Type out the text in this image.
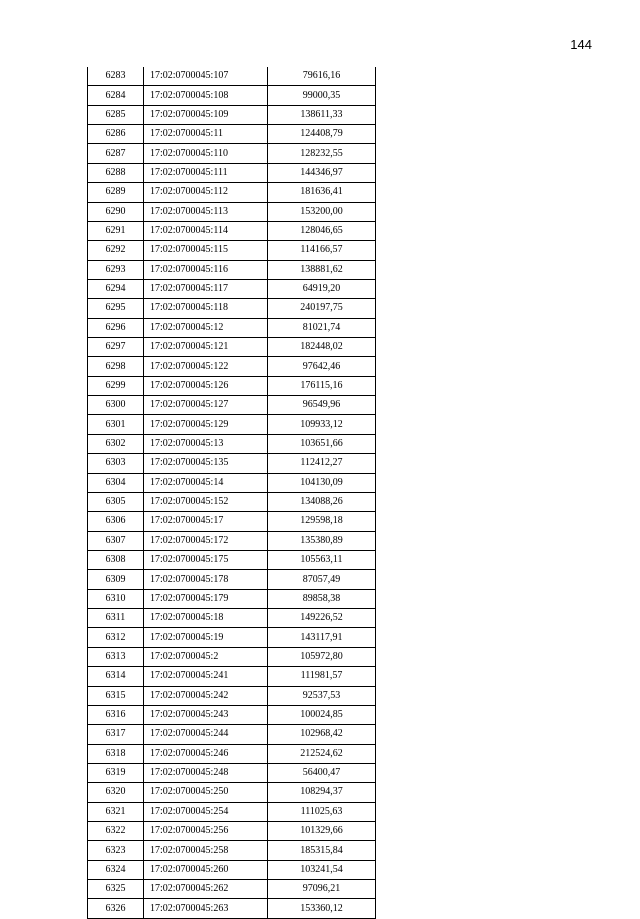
144
6283	17:02:0700045:107	79616,16
6284	17:02:0700045:108	99000,35
6285	17:02:0700045:109	138611,33
6286	17:02:0700045:11	124408,79
6287	17:02:0700045:110	128232,55
6288	17:02:0700045:111	144346,97
6289	17:02:0700045:112	181636,41
6290	17:02:0700045:113	153200,00
6291	17:02:0700045:114	128046,65
6292	17:02:0700045:115	114166,57
6293	17:02:0700045:116	138881,62
6294	17:02:0700045:117	64919,20
6295	17:02:0700045:118	240197,75
6296	17:02:0700045:12	81021,74
6297	17:02:0700045:121	182448,02
6298	17:02:0700045:122	97642,46
6299	17:02:0700045:126	176115,16
6300	17:02:0700045:127	96549,96
6301	17:02:0700045:129	109933,12
6302	17:02:0700045:13	103651,66
6303	17:02:0700045:135	112412,27
6304	17:02:0700045:14	104130,09
6305	17:02:0700045:152	134088,26
6306	17:02:0700045:17	129598,18
6307	17:02:0700045:172	135380,89
6308	17:02:0700045:175	105563,11
6309	17:02:0700045:178	87057,49
6310	17:02:0700045:179	89858,38
6311	17:02:0700045:18	149226,52
6312	17:02:0700045:19	143117,91
6313	17:02:0700045:2	105972,80
6314	17:02:0700045:241	111981,57
6315	17:02:0700045:242	92537,53
6316	17:02:0700045:243	100024,85
6317	17:02:0700045:244	102968,42
6318	17:02:0700045:246	212524,62
6319	17:02:0700045:248	56400,47
6320	17:02:0700045:250	108294,37
6321	17:02:0700045:254	111025,63
6322	17:02:0700045:256	101329,66
6323	17:02:0700045:258	185315,84
6324	17:02:0700045:260	103241,54
6325	17:02:0700045:262	97096,21
6326	17:02:0700045:263	153360,12
